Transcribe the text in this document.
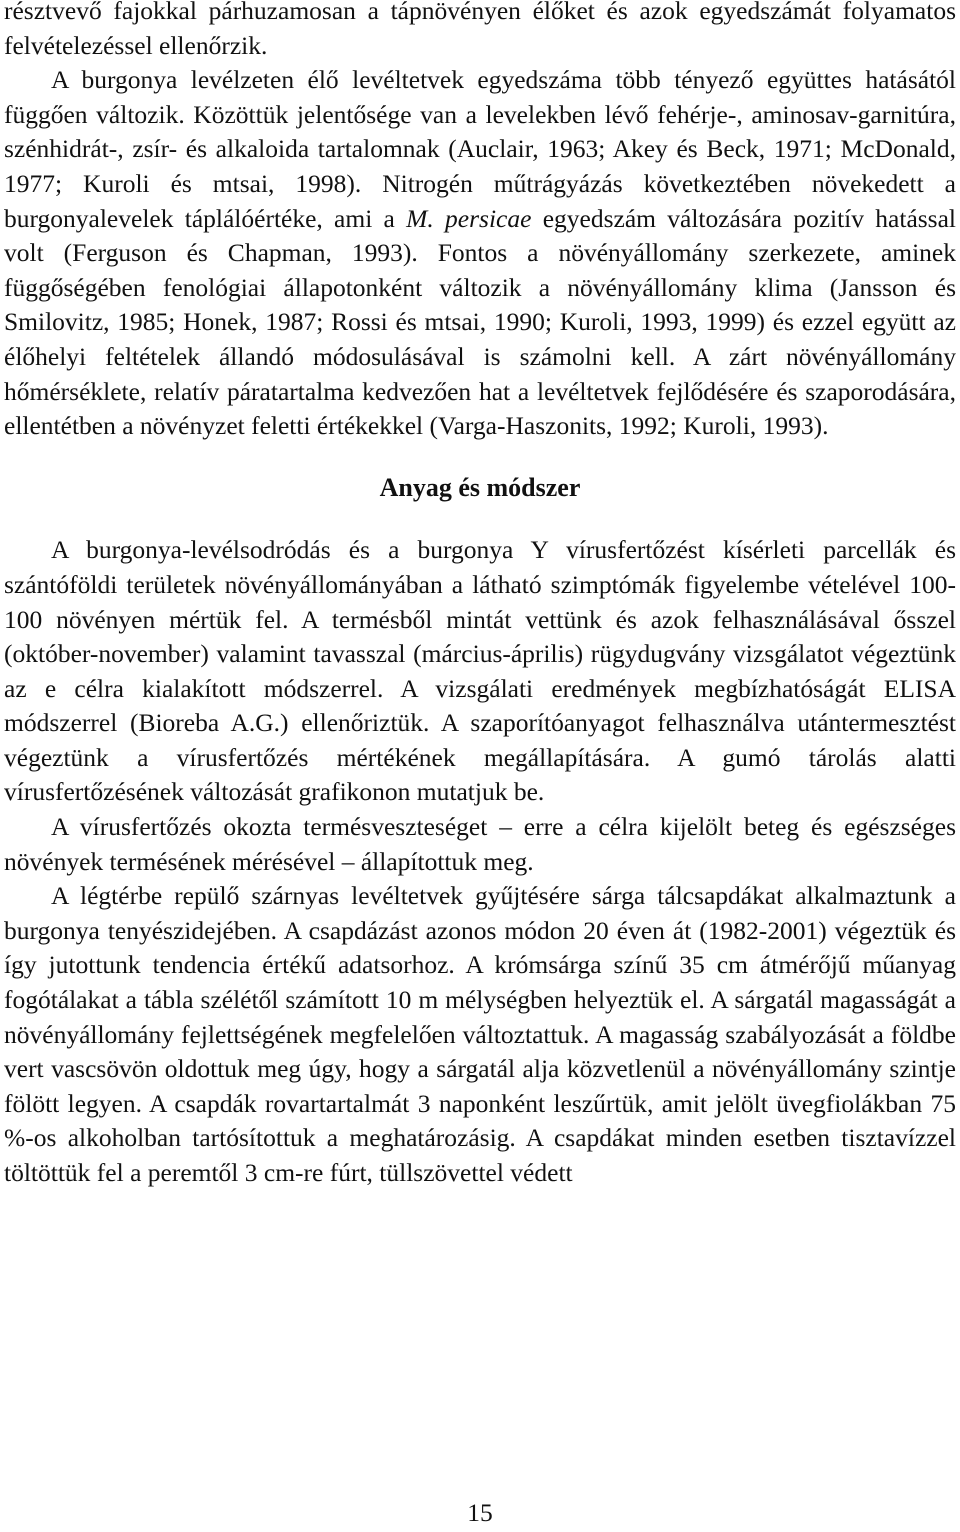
résztvevő fajokkal párhuzamosan a tápnövényen élőket és azok egyedszámát folyamatos felvételezéssel ellenőrzik.

A burgonya levélzeten élő levéltetvek egyedszáma több tényező együttes hatásától függően változik. Közöttük jelentősége van a levelekben lévő fehérje-, aminosav-garnitúra, szénhidrát-, zsír- és alkaloida tartalomnak (Auclair, 1963; Akey és Beck, 1971; McDonald, 1977; Kuroli és mtsai, 1998). Nitrogén műtrágyázás következtében növekedett a burgonyalevelek táplálóértéke, ami a M. persicae egyedszám változására pozitív hatással volt (Ferguson és Chapman, 1993). Fontos a növényállomány szerkezete, aminek függőségében fenológiai állapotonként változik a növényállomány klima (Jansson és Smilovitz, 1985; Honek, 1987; Rossi és mtsai, 1990; Kuroli, 1993, 1999) és ezzel együtt az élőhelyi feltételek állandó módosulásával is számolni kell. A zárt növényállomány hőmérséklete, relatív páratartalma kedvezően hat a levéltetvek fejlődésére és szaporodására, ellentétben a növényzet feletti értékekkel (Varga-Haszonits, 1992; Kuroli, 1993).

Anyag és módszer

A burgonya-levélsodródás és a burgonya Y vírusfertőzést kísérleti parcellák és szántóföldi területek növényállományában a látható szimptómák figyelembe vételével 100-100 növényen mértük fel. A termésből mintát vettünk és azok felhasználásával ősszel (október-november) valamint tavasszal (március-április) rügydugvány vizsgálatot végeztünk az e célra kialakított módszerrel. A vizsgálati eredmények megbízhatóságát ELISA módszerrel (Bioreba A.G.) ellenőriztük. A szaporítóanyagot felhasználva utántermesztést végeztünk a vírusfertőzés mértékének megállapítására. A gumó tárolás alatti vírusfertőzésének változását grafikonon mutatjuk be.

A vírusfertőzés okozta termésveszteséget – erre a célra kijelölt beteg és egészséges növények termésének mérésével – állapítottuk meg.

A légtérbe repülő szárnyas levéltetvek gyűjtésére sárga tálcsapdákat alkalmaztunk a burgonya tenyészidejében. A csapdázást azonos módon 20 éven át (1982-2001) végeztük és így jutottunk tendencia értékű adatsorhoz. A krómsárga színű 35 cm átmérőjű műanyag fogótálakat a tábla szélétől számított 10 m mélységben helyeztük el. A sárgatál magasságát a növényállomány fejlettségének megfelelően változtattuk. A magasság szabályozását a földbe vert vascsövön oldottuk meg úgy, hogy a sárgatál alja közvetlenül a növényállomány szintje fölött legyen. A csapdák rovartartalmát 3 naponként leszűrtük, amit jelölt üvegfiolákban 75 %-os alkoholban tartósítottuk a meghatározásig. A csapdákat minden esetben tisztavízzel töltöttük fel a peremtől 3 cm-re fúrt, tüllszövettel védett

15
